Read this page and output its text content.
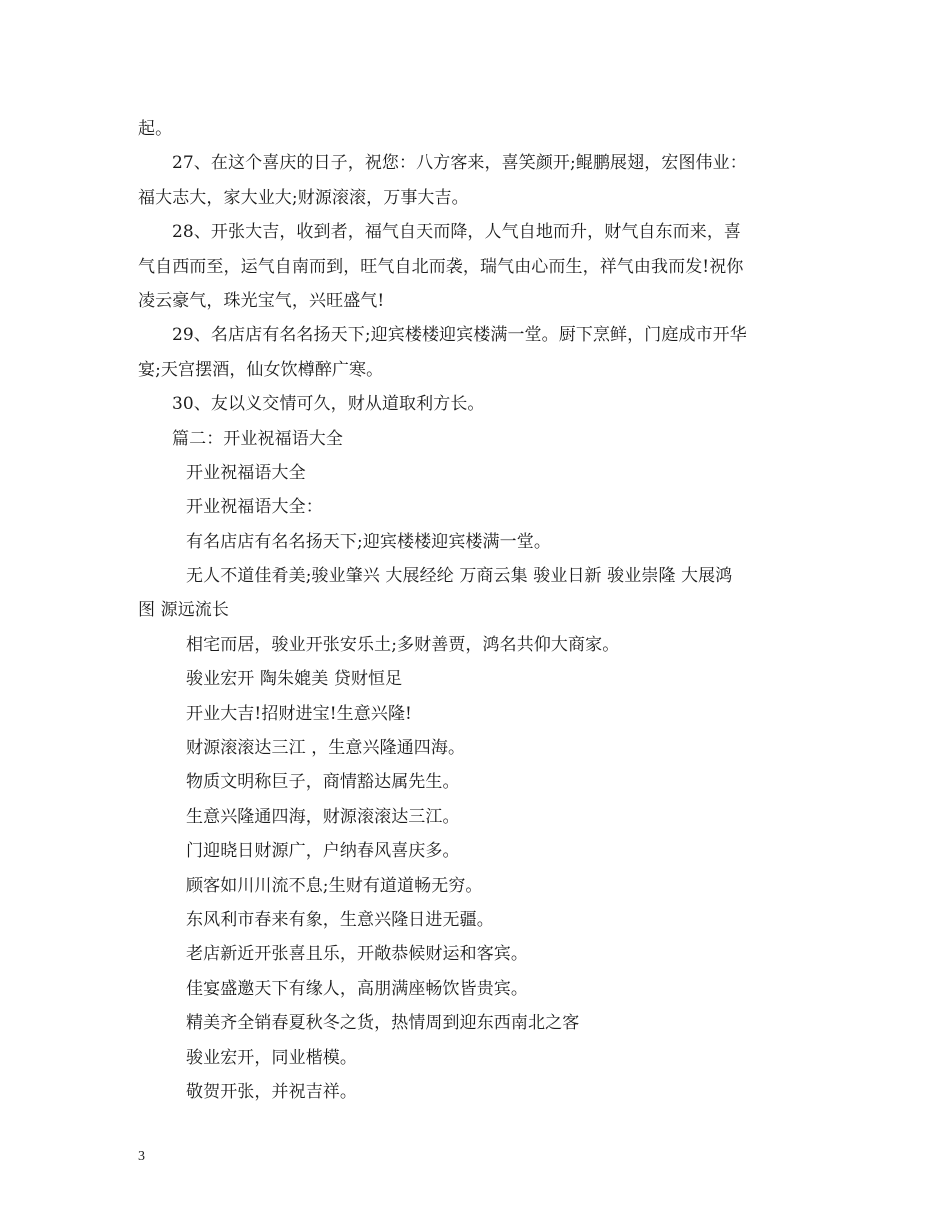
起。
27、在这个喜庆的日子，祝您：八方客来，喜笑颜开;鲲鹏展翅，宏图伟业：
福大志大，家大业大;财源滚滚，万事大吉。
28、开张大吉，收到者，福气自天而降，人气自地而升，财气自东而来，喜
气自西而至，运气自南而到，旺气自北而袭，瑞气由心而生，祥气由我而发!祝你
凌云豪气，珠光宝气，兴旺盛气!
29、名店店有名名扬天下;迎宾楼楼迎宾楼满一堂。厨下烹鲜，门庭成市开华
宴;天宫摆酒，仙女饮樽醉广寒。
30、友以义交情可久，财从道取利方长。
篇二：开业祝福语大全
开业祝福语大全
开业祝福语大全：
有名店店有名名扬天下;迎宾楼楼迎宾楼满一堂。
无人不道佳肴美;骏业肇兴 大展经纶 万商云集 骏业日新 骏业崇隆 大展鸿
图 源远流长
相宅而居，骏业开张安乐土;多财善贾，鸿名共仰大商家。
骏业宏开 陶朱媲美 贷财恒足
开业大吉!招财进宝!生意兴隆!
财源滚滚达三江 ，生意兴隆通四海。
物质文明称巨子，商情豁达属先生。
生意兴隆通四海，财源滚滚达三江。
门迎晓日财源广，户纳春风喜庆多。
顾客如川川流不息;生财有道道畅无穷。
东风利市春来有象，生意兴隆日进无疆。
老店新近开张喜且乐，开敞恭候财运和客宾。
佳宴盛邀天下有缘人，高朋满座畅饮皆贵宾。
精美齐全销春夏秋冬之货，热情周到迎东西南北之客
骏业宏开，同业楷模。
敬贺开张，并祝吉祥。
3
